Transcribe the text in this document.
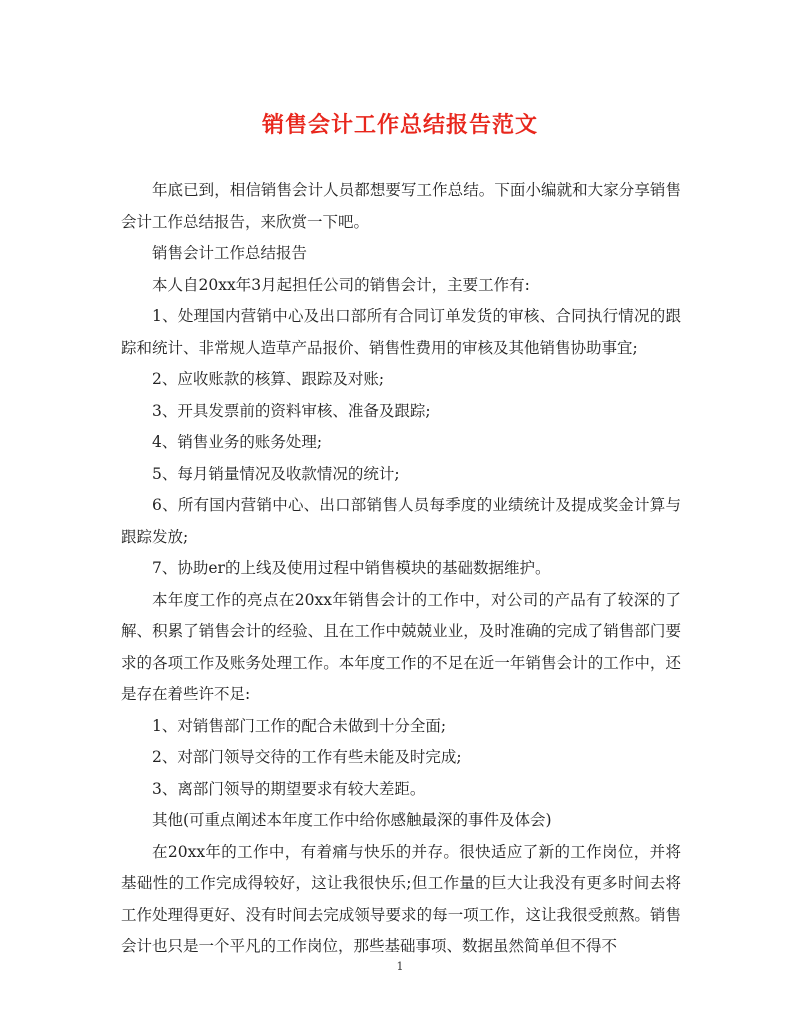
销售会计工作总结报告范文

年底已到，相信销售会计人员都想要写工作总结。下面小编就和大家分享销售会计工作总结报告，来欣赏一下吧。

销售会计工作总结报告

本人自20xx年3月起担任公司的销售会计，主要工作有:

1、处理国内营销中心及出口部所有合同订单发货的审核、合同执行情况的跟踪和统计、非常规人造草产品报价、销售性费用的审核及其他销售协助事宜;

2、应收账款的核算、跟踪及对账;

3、开具发票前的资料审核、准备及跟踪;

4、销售业务的账务处理;

5、每月销量情况及收款情况的统计;

6、所有国内营销中心、出口部销售人员每季度的业绩统计及提成奖金计算与跟踪发放;

7、协助er的上线及使用过程中销售模块的基础数据维护。

本年度工作的亮点在20xx年销售会计的工作中，对公司的产品有了较深的了解、积累了销售会计的经验、且在工作中兢兢业业，及时准确的完成了销售部门要求的各项工作及账务处理工作。本年度工作的不足在近一年销售会计的工作中，还是存在着些许不足:

1、对销售部门工作的配合未做到十分全面;

2、对部门领导交待的工作有些未能及时完成;

3、离部门领导的期望要求有较大差距。

其他(可重点阐述本年度工作中给你感触最深的事件及体会)

在20xx年的工作中，有着痛与快乐的并存。很快适应了新的工作岗位，并将基础性的工作完成得较好，这让我很快乐;但工作量的巨大让我没有更多时间去将工作处理得更好、没有时间去完成领导要求的每一项工作，这让我很受煎熬。销售会计也只是一个平凡的工作岗位，那些基础事项、数据虽然简单但不得不

1
